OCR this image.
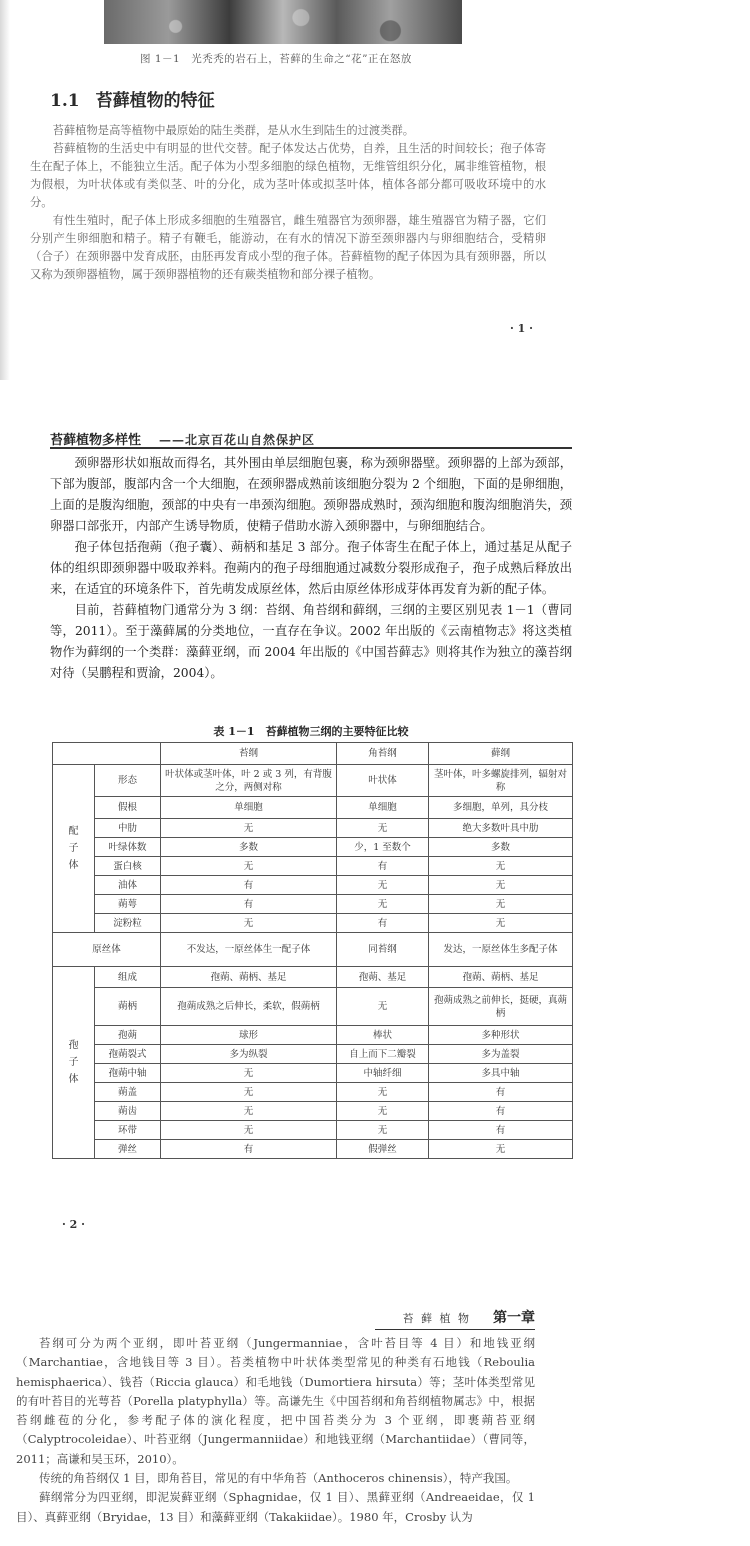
图 1－1　光秃秃的岩石上，苔藓的生命之“花”正在怒放
1.1 苔藓植物的特征

苔藓植物是高等植物中最原始的陆生类群，是从水生到陆生的过渡类群。

苔藓植物的生活史中有明显的世代交替。配子体发达占优势，自养，且生活的时间较长；孢子体寄生在配子体上，不能独立生活。配子体为小型多细胞的绿色植物，无维管组织分化，属非维管植物，根为假根，为叶状体或有类似茎、叶的分化，成为茎叶体或拟茎叶体，植体各部分都可吸收环境中的水分。

有性生殖时，配子体上形成多细胞的生殖器官，雌生殖器官为颈卵器，雄生殖器官为精子器，它们分别产生卵细胞和精子。精子有鞭毛，能游动，在有水的情况下游至颈卵器内与卵细胞结合，受精卵（合子）在颈卵器中发育成胚，由胚再发育成小型的孢子体。苔藓植物的配子体因为具有颈卵器，所以又称为颈卵器植物，属于颈卵器植物的还有蕨类植物和部分裸子植物。

· 1 ·
苔藓植物多样性 ——北京百花山自然保护区

颈卵器形状如瓶故而得名，其外围由单层细胞包裹，称为颈卵器壁。颈卵器的上部为颈部，下部为腹部，腹部内含一个大细胞，在颈卵器成熟前该细胞分裂为 2 个细胞，下面的是卵细胞，上面的是腹沟细胞，颈部的中央有一串颈沟细胞。颈卵器成熟时，颈沟细胞和腹沟细胞消失，颈卵器口部张开，内部产生诱导物质，使精子借助水游入颈卵器中，与卵细胞结合。

孢子体包括孢蒴（孢子囊）、蒴柄和基足 3 部分。孢子体寄生在配子体上，通过基足从配子体的组织即颈卵器中吸取养料。孢蒴内的孢子母细胞通过减数分裂形成孢子，孢子成熟后释放出来，在适宜的环境条件下，首先萌发成原丝体，然后由原丝体形成芽体再发育为新的配子体。

目前，苔藓植物门通常分为 3 纲：苔纲、角苔纲和藓纲，三纲的主要区别见表 1－1（曹同等，2011）。至于藻藓属的分类地位，一直存在争议。2002 年出版的《云南植物志》将这类植物作为藓纲的一个类群：藻藓亚纲，而 2004 年出版的《中国苔藓志》则将其作为独立的藻苔纲对待（吴鹏程和贾渝，2004）。

表 1－1　苔藓植物三纲的主要特征比较
		苔纲	角苔纲	藓纲

配
子
体	形态	叶状体或茎叶体，叶 2 或 3 列，有背腹之分，两侧对称	叶状体	茎叶体，叶多螺旋排列，辐射对称
	假根	单细胞	单细胞	多细胞，单列，具分枝
	中肋	无	无	绝大多数叶具中肋
	叶绿体数	多数	少，1 至数个	多数
	蛋白核	无	有	无
	油体	有	无	无
	蒴萼	有	无	无
	淀粉粒	无	有	无
原丝体		不发达，一原丝体生一配子体	同苔纲	发达，一原丝体生多配子体

孢
子
体	组成	孢蒴、蒴柄、基足	孢蒴、基足	孢蒴、蒴柄、基足
	蒴柄	孢蒴成熟之后伸长，柔软，假蒴柄	无	孢蒴成熟之前伸长，挺硬，真蒴柄
	孢蒴	球形	棒状	多种形状
	孢蒴裂式	多为纵裂	自上而下二瓣裂	多为盖裂
	孢蒴中轴	无	中轴纤细	多具中轴
	蒴盖	无	无	有
	蒴齿	无	无	有
	环带	无	无	有
	弹丝	有	假弹丝	无
· 2 ·
苔 藓 植 物 第一章

苔纲可分为两个亚纲，即叶苔亚纲（Jungermanniae，含叶苔目等 4 目）和地钱亚纲（Marchantiae，含地钱目等 3 目）。苔类植物中叶状体类型常见的种类有石地钱（Reboulia hemisphaerica）、钱苔（Riccia glauca）和毛地钱（Dumortiera hirsuta）等；茎叶体类型常见的有叶苔目的光萼苔（Porella platyphylla）等。高谦先生《中国苔纲和角苔纲植物属志》中，根据苔纲雌苞的分化，参考配子体的演化程度，把中国苔类分为 3 个亚纲，即裹蒴苔亚纲（Calyptrocoleidae）、叶苔亚纲（Jungermanniidae）和地钱亚纲（Marchantiidae）（曹同等，2011；高谦和吴玉环，2010）。

传统的角苔纲仅 1 目，即角苔目，常见的有中华角苔（Anthoceros chinensis），特产我国。

藓纲常分为四亚纲，即泥炭藓亚纲（Sphagnidae，仅 1 目）、黑藓亚纲（Andreaeidae，仅 1 目）、真藓亚纲（Bryidae，13 目）和藻藓亚纲（Takakiidae）。1980 年，Crosby 认为
